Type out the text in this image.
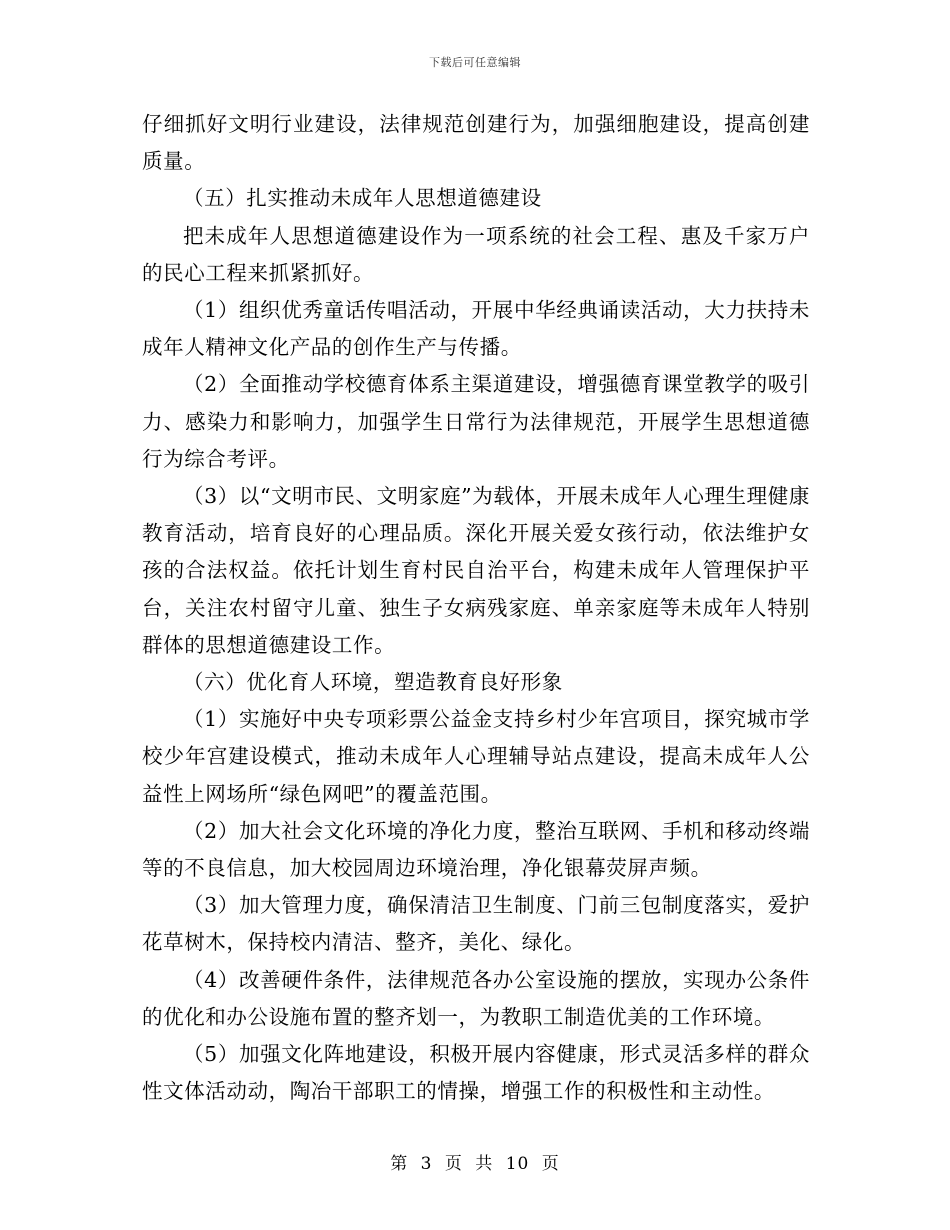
下载后可任意编辑

仔细抓好文明行业建设，法律规范创建行为，加强细胞建设，提高创建质量。

（五）扎实推动未成年人思想道德建设

把未成年人思想道德建设作为一项系统的社会工程、惠及千家万户的民心工程来抓紧抓好。

（1）组织优秀童话传唱活动，开展中华经典诵读活动，大力扶持未成年人精神文化产品的创作生产与传播。

（2）全面推动学校德育体系主渠道建设，增强德育课堂教学的吸引力、感染力和影响力，加强学生日常行为法律规范，开展学生思想道德行为综合考评。

（3）以“文明市民、文明家庭”为载体，开展未成年人心理生理健康教育活动，培育良好的心理品质。深化开展关爱女孩行动，依法维护女孩的合法权益。依托计划生育村民自治平台，构建未成年人管理保护平台，关注农村留守儿童、独生子女病残家庭、单亲家庭等未成年人特别群体的思想道德建设工作。

（六）优化育人环境，塑造教育良好形象

（1）实施好中央专项彩票公益金支持乡村少年宫项目，探究城市学校少年宫建设模式，推动未成年人心理辅导站点建设，提高未成年人公益性上网场所“绿色网吧”的覆盖范围。

（2）加大社会文化环境的净化力度，整治互联网、手机和移动终端等的不良信息，加大校园周边环境治理，净化银幕荧屏声频。

（3）加大管理力度，确保清洁卫生制度、门前三包制度落实，爱护花草树木，保持校内清洁、整齐，美化、绿化。

（4）改善硬件条件，法律规范各办公室设施的摆放，实现办公条件的优化和办公设施布置的整齐划一，为教职工制造优美的工作环境。

（5）加强文化阵地建设，积极开展内容健康，形式灵活多样的群众性文体活动动，陶冶干部职工的情操，增强工作的积极性和主动性。

第 3 页 共 10 页
